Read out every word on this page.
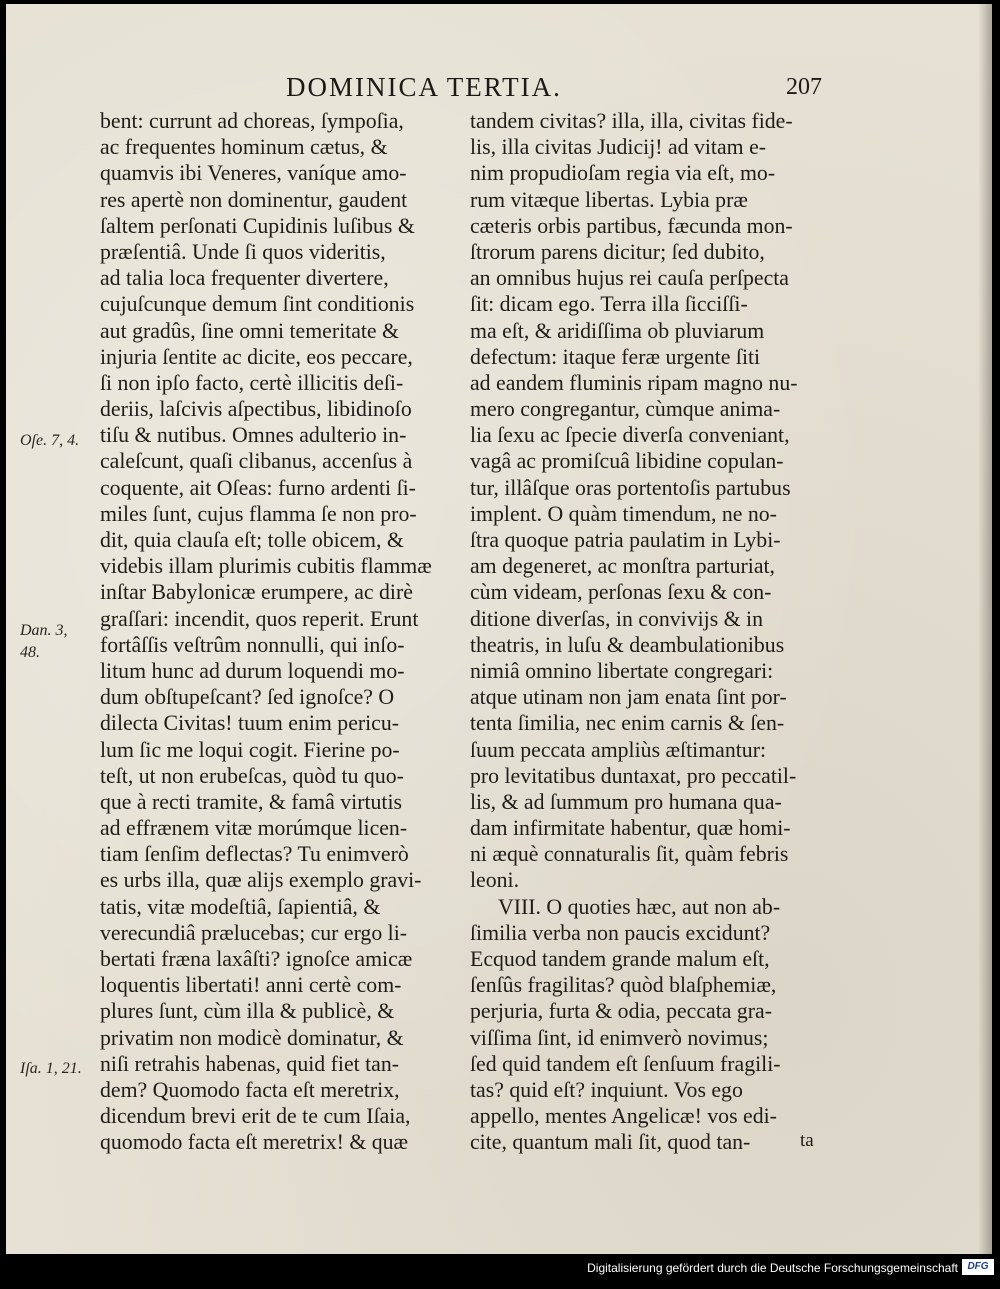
DOMINICA TERTIA.	207
Oſe. 7, 4.
Dan. 3,
48.
Iſa. 1, 21.
bent: currunt ad choreas, ſympoſia,
ac frequentes hominum cætus, &
quamvis ibi Veneres, vaníque amo-
res apertè non dominentur, gaudent
ſaltem perſonati Cupidinis luſibus &
præſentiâ. Unde ſi quos videritis,
ad talia loca frequenter divertere,
cujuſcunque demum ſint conditionis
aut gradûs, ſine omni temeritate &
injuria ſentite ac dicite, eos peccare,
ſi non ipſo facto, certè illicitis deſi-
deriis, laſcivis aſpectibus, libidinoſo
tiſu & nutibus. Omnes adulterio in-
caleſcunt, quaſi clibanus, accenſus à
coquente, ait Oſeas: furno ardenti ſi-
miles ſunt, cujus flamma ſe non pro-
dit, quia clauſa eſt; tolle obicem, &
videbis illam plurimis cubitis flammæ
inſtar Babylonicæ erumpere, ac dirè
graſſari: incendit, quos reperit. Erunt
fortâſſis veſtrûm nonnulli, qui inſo-
litum hunc ad durum loquendi mo-
dum obſtupeſcant? ſed ignoſce? O
dilecta Civitas! tuum enim pericu-
lum ſic me loqui cogit. Fierine po-
teſt, ut non erubeſcas, quòd tu quo-
que à recti tramite, & famâ virtutis
ad effrænem vitæ morúmque licen-
tiam ſenſim deflectas? Tu enimverò
es urbs illa, quæ alijs exemplo gravi-
tatis, vitæ modeſtiâ, ſapientiâ, &
verecundiâ prælucebas; cur ergo li-
bertati fræna laxâſti? ignoſce amicæ
loquentis libertati! anni certè com-
plures ſunt, cùm illa & publicè, &
privatim non modicè dominatur, &
niſi retrahis habenas, quid fiet tan-
dem? Quomodo facta eſt meretrix,
dicendum brevi erit de te cum Iſaia,
quomodo facta eſt meretrix! & quæ
tandem civitas? illa, illa, civitas fide-
lis, illa civitas Judicij! ad vitam e-
nim propudioſam regia via eſt, mo-
rum vitæque libertas. Lybia præ
cæteris orbis partibus, fæcunda mon-
ſtrorum parens dicitur; ſed dubito,
an omnibus hujus rei cauſa perſpecta
ſit: dicam ego. Terra illa ſicciſſi-
ma eſt, & aridiſſima ob pluviarum
defectum: itaque feræ urgente ſiti
ad eandem fluminis ripam magno nu-
mero congregantur, cùmque anima-
lia ſexu ac ſpecie diverſa conveniant,
vagâ ac promiſcuâ libidine copulan-
tur, illâſque oras portentoſis partubus
implent. O quàm timendum, ne no-
ſtra quoque patria paulatim in Lybi-
am degeneret, ac monſtra parturiat,
cùm videam, perſonas ſexu & con-
ditione diverſas, in convivijs & in
theatris, in luſu & deambulationibus
nimiâ omnino libertate congregari:
atque utinam non jam enata ſint por-
tenta ſimilia, nec enim carnis & ſen-
ſuum peccata ampliùs æſtimantur:
pro levitatibus duntaxat, pro peccatil-
lis, & ad ſummum pro humana qua-
dam infirmitate habentur, quæ homi-
ni æquè connaturalis ſit, quàm febris
leoni.
VIII. O quoties hæc, aut non ab-
ſimilia verba non paucis excidunt?
Ecquod tandem grande malum eſt,
ſenſûs fragilitas? quòd blaſphemiæ,
perjuria, furta & odia, peccata gra-
viſſima ſint, id enimverò novimus;
ſed quid tandem eſt ſenſuum fragili-
tas? quid eſt? inquiunt. Vos ego
appello, mentes Angelicæ! vos edi-
cite, quantum mali ſit, quod tan-	ta
Digitalisierung gefördert durch die Deutsche Forschungsgemeinschaft DFG
